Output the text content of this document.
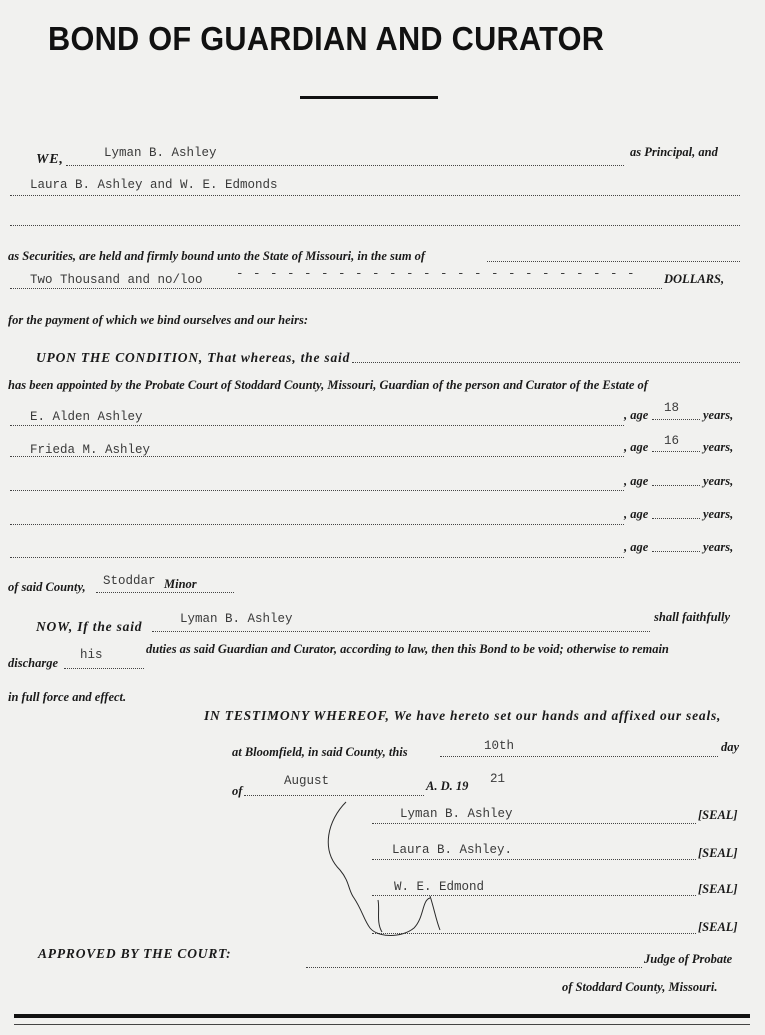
BOND OF GUARDIAN AND CURATOR
WE,	Lyman B. Ashley	as Principal, and
Laura B. Ashley and W. E. Edmonds
as Securities, are held and firmly bound unto the State of Missouri, in the sum of
Two Thousand and no/loo	- - - - - - - - - - - - - - - - - - - - - - - - DOLLARS,
for the payment of which we bind ourselves and our heirs:
UPON THE CONDITION, That whereas, the said
has been appointed by the Probate Court of Stoddard County, Missouri, Guardian of the person and Curator of the Estate of
E. Alden Ashley	, age 18 years,
Frieda M. Ashley	, age 16 years,
, age	years,
, age	years,
, age	years,
of said County, Stoddar Minor
NOW, If the said	Lyman B. Ashley	shall faithfully
discharge
his	duties as said Guardian and Curator, according to law, then this Bond to be void; otherwise to remain
in full force and effect.
IN TESTIMONY WHEREOF, We have hereto set our hands and affixed our seals,
at Bloomfield, in said County, this	10th	day
of
August	A. D. 19 21
Lyman B. Ashley	[SEAL]
Laura B. Ashley.	[SEAL]
W. E. Edmond	[SEAL]
[SEAL]
APPROVED BY THE COURT:	Judge of Probate
of Stoddard County, Missouri.
